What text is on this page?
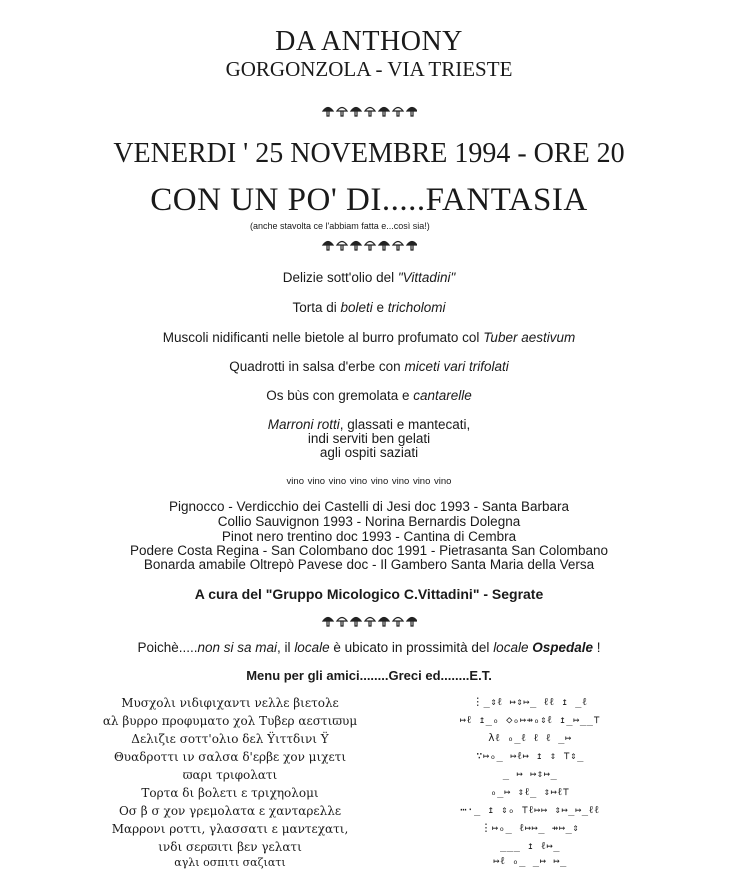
DA ANTHONY
GORGONZOLA - VIA TRIESTE
VENERDI ' 25 NOVEMBRE 1994 - ORE 20
CON UN PO' DI.....FANTASIA
(anche stavolta ce l'abbiam fatta e...così sia!)
Delizie sott'olio del "Vittadini"
Torta di boleti e tricholomi
Muscoli nidificanti nelle bietole al burro profumato col Tuber aestivum
Quadrotti in salsa d'erbe con miceti vari trifolati
Os bùs con gremolata e cantarelle
Marroni rotti, glassati e mantecati,
indi serviti ben gelati
agli ospiti saziati
vino vino vino vino vino vino vino vino
Pignocco - Verdicchio dei Castelli di Jesi doc 1993 - Santa Barbara
Collio Sauvignon 1993 - Norina Bernardis Dolegna
Pinot nero trentino doc 1993 - Cantina di Cembra
Podere Costa Regina - San Colombano doc 1991 - Pietrasanta San Colombano
Bonarda amabile Oltrepò Pavese doc - Il Gambero Santa Maria della Versa
A cura del "Gruppo Micologico C.Vittadini" - Segrate
Poichè.....non si sa mai, il locale è ubicato in prossimità del locale Ospedale !
Menu per gli amici........Greci ed........E.T.
Μυσχολι νιδιφιχαντι νελλε βιετολε
αλ βυρρο προφυματο χολ Τυβερ αεστιϖυμ
Δελιζιε σοττ'ολιο δελ Ϋιττδινι Ϋ
Θυαδροττι ιν σαλσα δ'ερβε χον μιχετι
ϖαρι τριφολατι
Τορτα δι βολετι ε τριχηολομι
Οσ β σ χον γρεμολατα ε χανταρελλε
Μαρρονι ροττι, γλασσατι ε μαντεχατι,
ινδι σερϖιτι βεν γελατι
αγλι οσπιτι σαζιατι
⋮_⇕ℓ ↦⇕↦_ ℓℓ ↥ _ℓ
↦ℓ ↥_ₒ ◇ₒ↦⇸ₒ⇕ℓ ↥_↦__⊤
λℓ ₒ_ℓ ℓ ℓ _↦
∵↦ₒ_ ↦ℓ↦ ↥ ⇕ ⊤⇕_
_ ↦ ↦⇕↦_
ₒ_↦ ⇕ℓ_ ⇕↦ℓ⊤
⋯⋅_ ↥ ⇕ₒ ⊤ℓ↦↦ ⇕↦_↦_ℓℓ
⋮↦ₒ_ ℓ↦↦_ ⇸↦_⇕
___ ↥ ℓ↦_
↦ℓ ₒ_ _↦ ↦_
